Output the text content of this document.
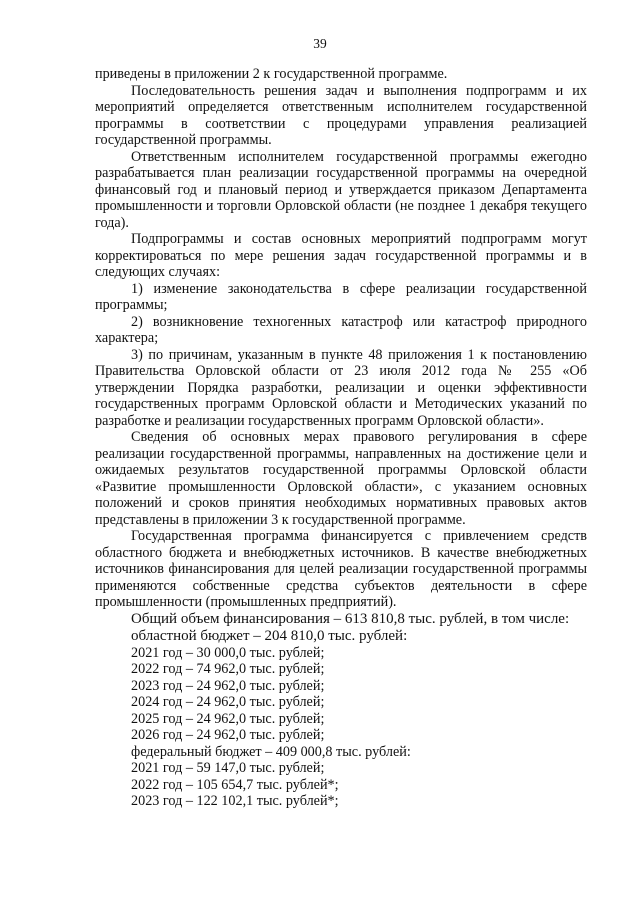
39

приведены в приложении 2 к государственной программе.

Последовательность решения задач и выполнения подпрограмм и их мероприятий определяется ответственным исполнителем государственной программы в соответствии с процедурами управления реализацией государственной программы.

Ответственным исполнителем государственной программы ежегодно разрабатывается план реализации государственной программы на очередной финансовый год и плановый период и утверждается приказом Департамента промышленности и торговли Орловской области (не позднее 1 декабря текущего года).

Подпрограммы и состав основных мероприятий подпрограмм могут корректироваться по мере решения задач государственной программы и в следующих случаях:

1) изменение законодательства в сфере реализации государственной программы;

2) возникновение техногенных катастроф или катастроф природного характера;

3) по причинам, указанным в пункте 48 приложения 1 к постановлению Правительства Орловской области от 23 июля 2012 года № 255 «Об утверждении Порядка разработки, реализации и оценки эффективности государственных программ Орловской области и Методических указаний по разработке и реализации государственных программ Орловской области».

Сведения об основных мерах правового регулирования в сфере реализации государственной программы, направленных на достижение цели и ожидаемых результатов государственной программы Орловской области «Развитие промышленности Орловской области», с указанием основных положений и сроков принятия необходимых нормативных правовых актов представлены в приложении 3 к государственной программе.

Государственная программа финансируется с привлечением средств областного бюджета и внебюджетных источников. В качестве внебюджетных источников финансирования для целей реализации государственной программы применяются собственные средства субъектов деятельности в сфере промышленности (промышленных предприятий).

Общий объем финансирования – 613 810,8 тыс. рублей, в том числе:

областной бюджет – 204 810,0 тыс. рублей:

2021 год – 30 000,0 тыс. рублей;

2022 год – 74 962,0 тыс. рублей;

2023 год – 24 962,0 тыс. рублей;

2024 год – 24 962,0 тыс. рублей;

2025 год – 24 962,0 тыс. рублей;

2026 год – 24 962,0 тыс. рублей;

федеральный бюджет – 409 000,8 тыс. рублей:

2021 год – 59 147,0 тыс. рублей;

2022 год – 105 654,7 тыс. рублей*;

2023 год – 122 102,1 тыс. рублей*;
